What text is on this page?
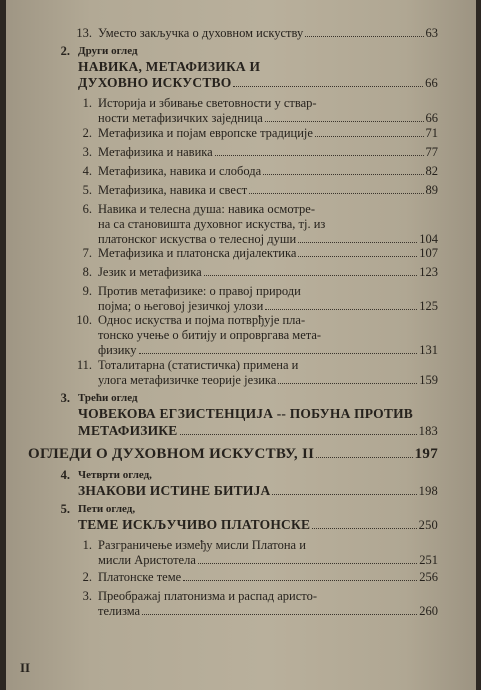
13. Уместо закључка о духовном искуству	63
2. Други оглед
НАВИКА, МЕТАФИЗИКА И
ДУХОВНО ИСКУСТВО	66
1. Историја и збивање световности у ствар-
ности метафизичких заједница	66
2. Метафизика и појам европске традиције	71
3. Метафизика и навика	77
4. Метафизика, навика и слобода	82
5. Метафизика, навика и свест	89
6. Навика и телесна душа: навика осмотре-
на са становишта духовног искуства, тј. из
платонског искуства о телесној души	104
7. Метафизика и платонска дијалектика	107
8. Језик и метафизика	123
9. Против метафизике: о правој природи
појма; о његовој језичкој улози	125
10. Однос искуства и појма потврђује пла-
тонско учење о битију и опровргава мета-
физику	131
11. Тоталитарна (статистичка) примена и
улога метафизичке теорије језика	159
3. Трећи оглед
ЧОВЕКОВА ЕГЗИСТЕНЦИЈА -- ПОБУНА ПРОТИВ
МЕТАФИЗИКЕ	183
ОГЛЕДИ О ДУХОВНОМ ИСКУСТВУ, II	197
4. Четврти оглед,
ЗНАКОВИ ИСТИНЕ БИТИЈА	198
5. Пети оглед,
ТЕМЕ ИСКЉУЧИВО ПЛАТОНСКЕ	250
1. Разграничење између мисли Платона и
мисли Аристотела	251
2. Платонске теме	256
3. Преображај платонизма и распад аристо-
телизма	260
II
